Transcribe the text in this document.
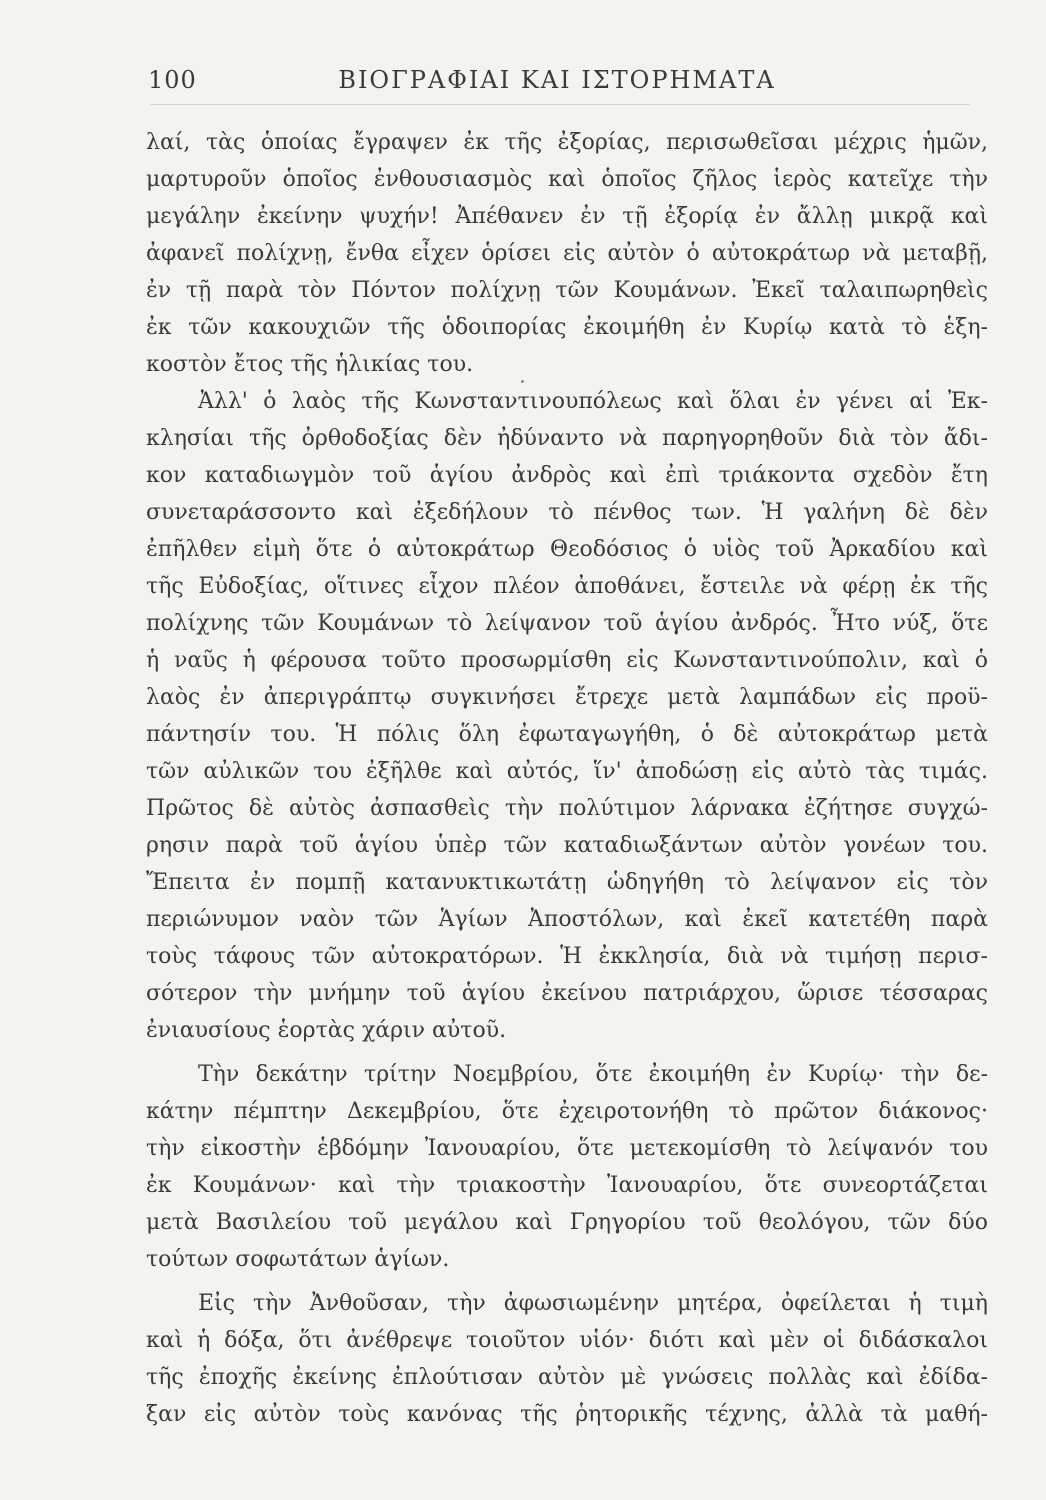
100	ΒΙΟΓΡΑΦΙΑΙ ΚΑΙ ΙΣΤΟΡΗΜΑΤΑ

λαί, τὰς ὁποίας ἔγραψεν ἐκ τῆς ἐξορίας, περισωθεῖσαι μέχρις ἡμῶν,
μαρτυροῦν ὁποῖος ἐνθουσιασμὸς καὶ ὁποῖος ζῆλος ἱερὸς κατεῖχε τὴν
μεγάλην ἐκείνην ψυχήν! Ἀπέθανεν ἐν τῇ ἐξορίᾳ ἐν ἄλλῃ μικρᾷ καὶ
ἀφανεῖ πολίχνῃ, ἔνθα εἶχεν ὁρίσει εἰς αὐτὸν ὁ αὐτοκράτωρ νὰ μεταβῇ,
ἐν τῇ παρὰ τὸν Πόντον πολίχνῃ τῶν Κουμάνων. Ἐκεῖ ταλαιπωρηθεὶς
ἐκ τῶν κακουχιῶν τῆς ὁδοιπορίας ἐκοιμήθη ἐν Κυρίῳ κατὰ τὸ ἑξη-
κοστὸν ἔτος τῆς ἡλικίας του.

Ἀλλ' ὁ λαὸς τῆς Κωνσταντινουπόλεως καὶ ὅλαι ἐν γένει αἱ Ἐκ-
κλησίαι τῆς ὀρθοδοξίας δὲν ἠδύναντο νὰ παρηγορηθοῦν διὰ τὸν ἄδι-
κον καταδιωγμὸν τοῦ ἁγίου ἀνδρὸς καὶ ἐπὶ τριάκοντα σχεδὸν ἔτη
συνεταράσσοντο καὶ ἐξεδήλουν τὸ πένθος των. Ἡ γαλήνη δὲ δὲν
ἐπῆλθεν εἰμὴ ὅτε ὁ αὐτοκράτωρ Θεοδόσιος ὁ υἱὸς τοῦ Ἀρκαδίου καὶ
τῆς Εὐδοξίας, οἵτινες εἶχον πλέον ἀποθάνει, ἔστειλε νὰ φέρῃ ἐκ τῆς
πολίχνης τῶν Κουμάνων τὸ λείψανον τοῦ ἁγίου ἀνδρός. Ἦτο νύξ, ὅτε
ἡ ναῦς ἡ φέρουσα τοῦτο προσωρμίσθη εἰς Κωνσταντινούπολιν, καὶ ὁ
λαὸς ἐν ἀπεριγράπτῳ συγκινήσει ἔτρεχε μετὰ λαμπάδων εἰς προϋ-
πάντησίν του. Ἡ πόλις ὅλη ἐφωταγωγήθη, ὁ δὲ αὐτοκράτωρ μετὰ
τῶν αὐλικῶν του ἐξῆλθε καὶ αὐτός, ἵν' ἀποδώσῃ εἰς αὐτὸ τὰς τιμάς.
Πρῶτος δὲ αὐτὸς ἀσπασθεὶς τὴν πολύτιμον λάρνακα ἐζήτησε συγχώ-
ρησιν παρὰ τοῦ ἁγίου ὑπὲρ τῶν καταδιωξάντων αὐτὸν γονέων του.
Ἔπειτα ἐν πομπῇ κατανυκτικωτάτῃ ὡδηγήθη τὸ λείψανον εἰς τὸν
περιώνυμον ναὸν τῶν Ἁγίων Ἀποστόλων, καὶ ἐκεῖ κατετέθη παρὰ
τοὺς τάφους τῶν αὐτοκρατόρων. Ἡ ἐκκλησία, διὰ νὰ τιμήσῃ περισ-
σότερον τὴν μνήμην τοῦ ἁγίου ἐκείνου πατριάρχου, ὥρισε τέσσαρας
ἐνιαυσίους ἑορτὰς χάριν αὐτοῦ.

Τὴν δεκάτην τρίτην Νοεμβρίου, ὅτε ἐκοιμήθη ἐν Κυρίῳ· τὴν δε-
κάτην πέμπτην Δεκεμβρίου, ὅτε ἐχειροτονήθη τὸ πρῶτον διάκονος·
τὴν εἰκοστὴν ἑβδόμην Ἰανουαρίου, ὅτε μετεκομίσθη τὸ λείψανόν του
ἐκ Κουμάνων· καὶ τὴν τριακοστὴν Ἰανουαρίου, ὅτε συνεορτάζεται
μετὰ Βασιλείου τοῦ μεγάλου καὶ Γρηγορίου τοῦ θεολόγου, τῶν δύο
τούτων σοφωτάτων ἁγίων.

Εἰς τὴν Ἀνθοῦσαν, τὴν ἀφωσιωμένην μητέρα, ὀφείλεται ἡ τιμὴ
καὶ ἡ δόξα, ὅτι ἀνέθρεψε τοιοῦτον υἱόν· διότι καὶ μὲν οἱ διδάσκαλοι
τῆς ἐποχῆς ἐκείνης ἐπλούτισαν αὐτὸν μὲ γνώσεις πολλὰς καὶ ἐδίδα-
ξαν εἰς αὐτὸν τοὺς κανόνας τῆς ῥητορικῆς τέχνης, ἀλλὰ τὰ μαθή-
